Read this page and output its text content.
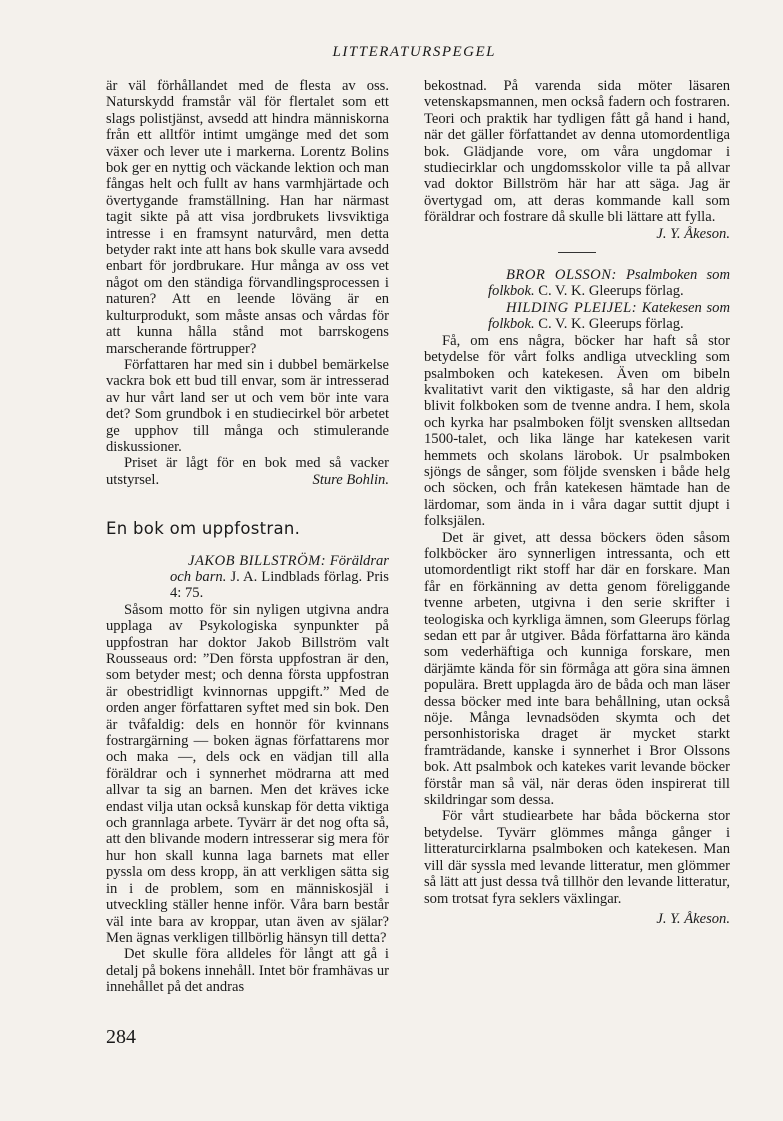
LITTERATURSPEGEL

är väl förhållandet med de flesta av oss. Naturskydd framstår väl för flertalet som ett slags polistjänst, avsedd att hindra människorna från ett alltför intimt umgänge med det som växer och lever ute i markerna. Lorentz Bolins bok ger en nyttig och väckande lektion och man fångas helt och fullt av hans varmhjärtade och övertygande framställning. Han har närmast tagit sikte på att visa jordbrukets livsviktiga intresse i en framsynt naturvård, men detta betyder rakt inte att hans bok skulle vara avsedd enbart för jordbrukare. Hur många av oss vet något om den ständiga förvandlingsprocessen i naturen? Att en leende löväng är en kulturprodukt, som måste ansas och vårdas för att kunna hålla stånd mot barrskogens marscherande förtrupper?

Författaren har med sin i dubbel bemärkelse vackra bok ett bud till envar, som är intresserad av hur vårt land ser ut och vem bör inte vara det? Som grundbok i en studiecirkel bör arbetet ge upphov till många och stimulerande diskussioner.

Priset är lågt för en bok med så vacker utstyrsel.	Sture Bohlin.

En bok om uppfostran.

JAKOB BILLSTRÖM: Föräldrar och barn. J. A. Lindblads förlag. Pris 4: 75.

Såsom motto för sin nyligen utgivna andra upplaga av Psykologiska synpunkter på uppfostran har doktor Jakob Billström valt Rousseaus ord: ”Den första uppfostran är den, som betyder mest; och denna första uppfostran är obestridligt kvinnornas uppgift.” Med de orden anger författaren syftet med sin bok. Den är tvåfaldig: dels en honnör för kvinnans fostrargärning — boken ägnas författarens mor och maka —, dels ock en vädjan till alla föräldrar och i synnerhet mödrarna att med allvar ta sig an barnen. Men det kräves icke endast vilja utan också kunskap för detta viktiga och grannlaga arbete. Tyvärr är det nog ofta så, att den blivande modern intresserar sig mera för hur hon skall kunna laga barnets mat eller pyssla om dess kropp, än att verkligen sätta sig in i de problem, som en människosjäl i utveckling ställer henne inför. Våra barn består väl inte bara av kroppar, utan även av själar? Men ägnas verkligen tillbörlig hänsyn till detta?

Det skulle föra alldeles för långt att gå i detalj på bokens innehåll. Intet bör framhävas ur innehållet på det andras

bekostnad. På varenda sida möter läsaren vetenskapsmannen, men också fadern och fostraren. Teori och praktik har tydligen fått gå hand i hand, när det gäller författandet av denna utomordentliga bok. Glädjande vore, om våra ungdomar i studiecirklar och ungdomsskolor ville ta på allvar vad doktor Billström här har att säga. Jag är övertygad om, att deras kommande kall som föräldrar och fostrare då skulle bli lättare att fylla.

J. Y. Åkeson.

BROR OLSSON: Psalmboken som folkbok. C. V. K. Gleerups förlag.

HILDING PLEIJEL: Katekesen som folkbok. C. V. K. Gleerups förlag.

Få, om ens några, böcker har haft så stor betydelse för vårt folks andliga utveckling som psalmboken och katekesen. Även om bibeln kvalitativt varit den viktigaste, så har den aldrig blivit folkboken som de tvenne andra. I hem, skola och kyrka har psalmboken följt svensken alltsedan 1500-talet, och lika länge har katekesen varit hemmets och skolans lärobok. Ur psalmboken sjöngs de sånger, som följde svensken i både helg och söcken, och från katekesen hämtade han de lärdomar, som ända in i våra dagar suttit djupt i folksjälen.

Det är givet, att dessa böckers öden såsom folkböcker äro synnerligen intressanta, och ett utomordentligt rikt stoff har där en forskare. Man får en förkänning av detta genom föreliggande tvenne arbeten, utgivna i den serie skrifter i teologiska och kyrkliga ämnen, som Gleerups förlag sedan ett par år utgiver. Båda författarna äro kända som vederhäftiga och kunniga forskare, men därjämte kända för sin förmåga att göra sina ämnen populära. Brett upplagda äro de båda och man läser dessa böcker med inte bara behållning, utan också nöje. Många levnadsöden skymta och det personhistoriska draget är mycket starkt framträdande, kanske i synnerhet i Bror Olssons bok. Att psalmbok och katekes varit levande böcker förstår man så väl, när deras öden inspirerat till skildringar som dessa.

För vårt studiearbete har båda böckerna stor betydelse. Tyvärr glömmes många gånger i litteraturcirklarna psalmboken och katekesen. Man vill där syssla med levande litteratur, men glömmer så lätt att just dessa två tillhör den levande litteratur, som trotsat fyra seklers växlingar.

J. Y. Åkeson.
284
